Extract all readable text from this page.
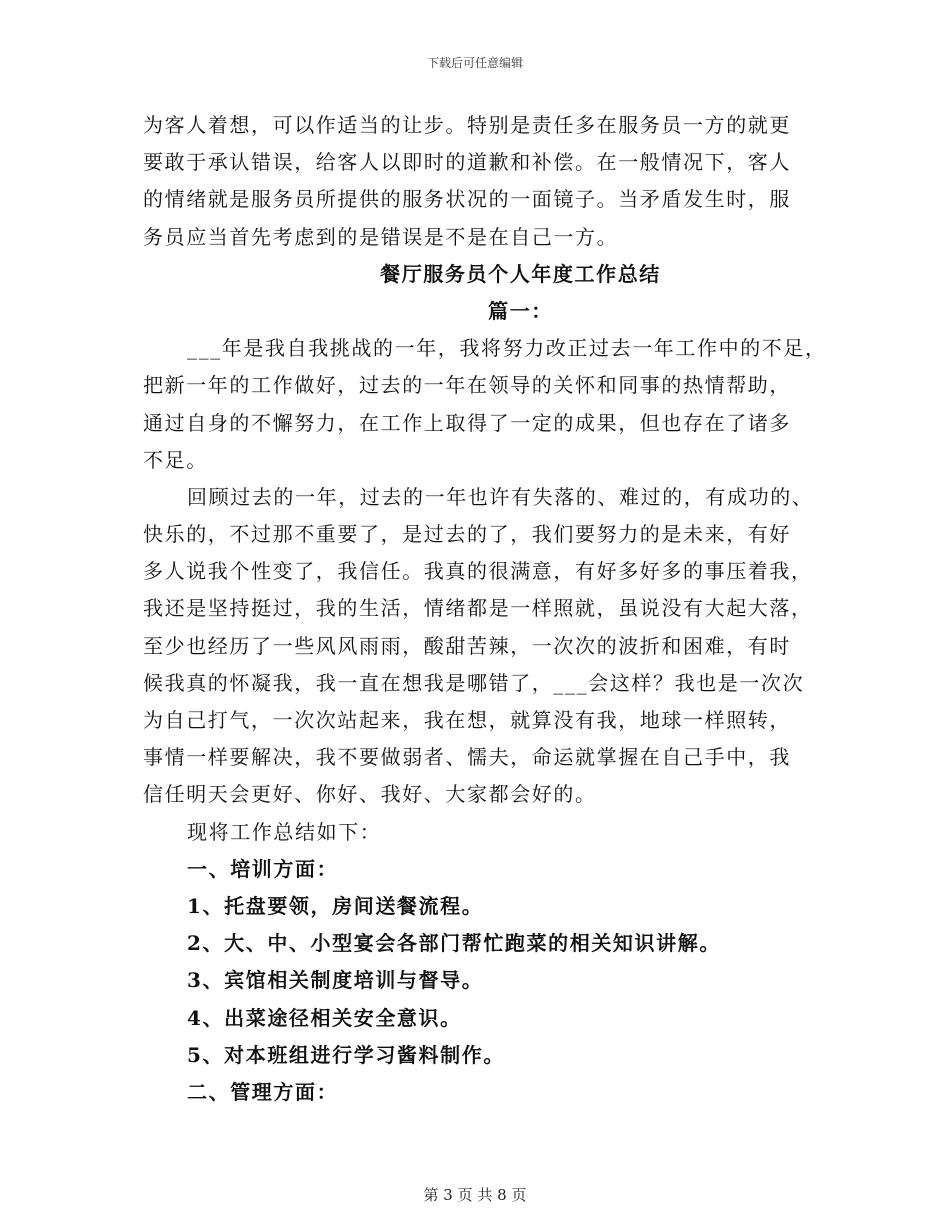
下载后可任意编辑
为客人着想，可以作适当的让步。特别是责任多在服务员一方的就更
要敢于承认错误，给客人以即时的道歉和补偿。在一般情况下，客人
的情绪就是服务员所提供的服务状况的一面镜子。当矛盾发生时，服
务员应当首先考虑到的是错误是不是在自己一方。
餐厅服务员个人年度工作总结
篇一：
___年是我自我挑战的一年，我将努力改正过去一年工作中的不足，
把新一年的工作做好，过去的一年在领导的关怀和同事的热情帮助，
通过自身的不懈努力，在工作上取得了一定的成果，但也存在了诸多
不足。
回顾过去的一年，过去的一年也许有失落的、难过的，有成功的、
快乐的，不过那不重要了，是过去的了，我们要努力的是未来，有好
多人说我个性变了，我信任。我真的很满意，有好多好多的事压着我，
我还是坚持挺过，我的生活，情绪都是一样照就，虽说没有大起大落，
至少也经历了一些风风雨雨，酸甜苦辣，一次次的波折和困难，有时
候我真的怀凝我，我一直在想我是哪错了，___会这样？我也是一次次
为自己打气，一次次站起来，我在想，就算没有我，地球一样照转，
事情一样要解决，我不要做弱者、懦夫，命运就掌握在自己手中，我
信任明天会更好、你好、我好、大家都会好的。
现将工作总结如下：
一、培训方面：
1、托盘要领，房间送餐流程。
2、大、中、小型宴会各部门帮忙跑菜的相关知识讲解。
3、宾馆相关制度培训与督导。
4、出菜途径相关安全意识。
5、对本班组进行学习酱料制作。
二、管理方面：
第 3 页 共 8 页
